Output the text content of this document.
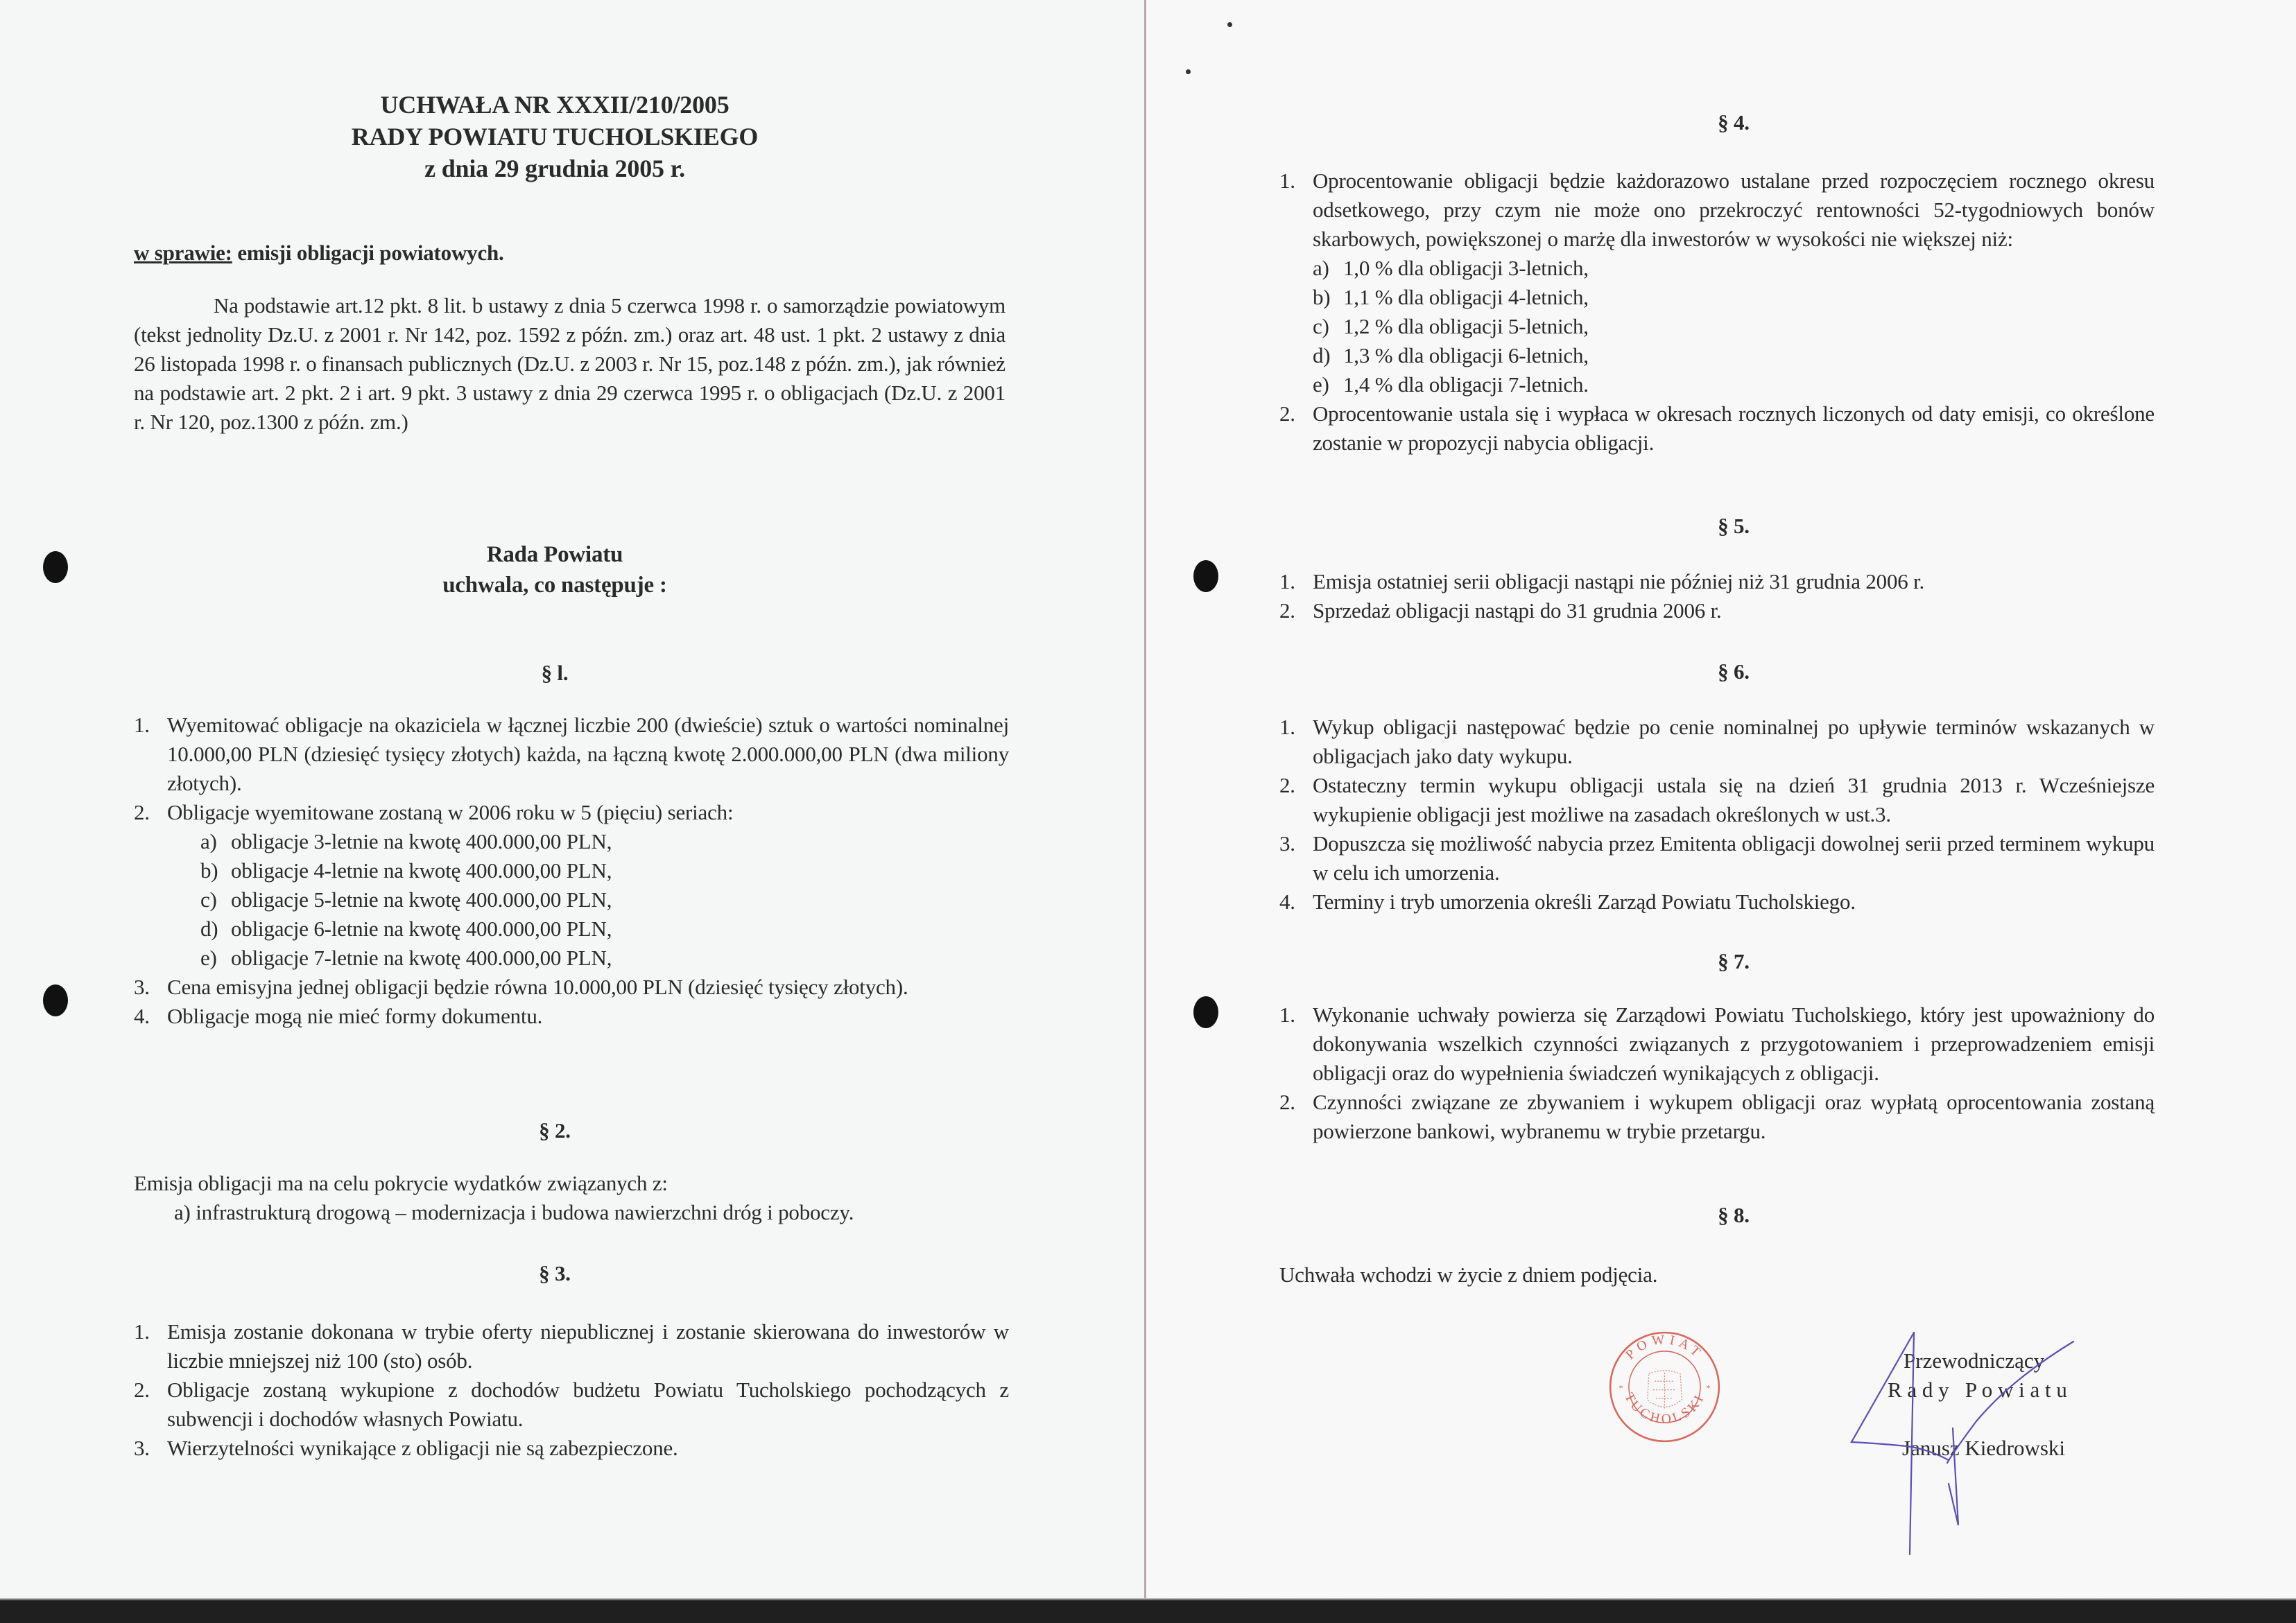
UCHWAŁA NR XXXII/210/2005
RADY POWIATU TUCHOLSKIEGO
z dnia 29 grudnia 2005 r.
w sprawie: emisji obligacji powiatowych.
Na podstawie art.12 pkt. 8 lit. b ustawy z dnia 5 czerwca 1998 r. o samorządzie powiatowym (tekst jednolity Dz.U. z 2001 r. Nr 142, poz. 1592 z późn. zm.) oraz art. 48 ust. 1 pkt. 2 ustawy z dnia 26 listopada 1998 r. o finansach publicznych (Dz.U. z 2003 r. Nr 15, poz.148 z późn. zm.), jak również na podstawie art. 2 pkt. 2 i art. 9 pkt. 3 ustawy z dnia 29 czerwca 1995 r. o obligacjach (Dz.U. z 2001 r. Nr 120, poz.1300 z późn. zm.)
Rada Powiatu
uchwala, co następuje :
§ l.
1. Wyemitować obligacje na okaziciela w łącznej liczbie 200 (dwieście) sztuk o wartości nominalnej 10.000,00 PLN (dziesięć tysięcy złotych) każda, na łączną kwotę 2.000.000,00 PLN (dwa miliony złotych).
2. Obligacje wyemitowane zostaną w 2006 roku w 5 (pięciu) seriach:
a) obligacje 3-letnie na kwotę 400.000,00 PLN,
b) obligacje 4-letnie na kwotę 400.000,00 PLN,
c) obligacje 5-letnie na kwotę 400.000,00 PLN,
d) obligacje 6-letnie na kwotę 400.000,00 PLN,
e) obligacje 7-letnie na kwotę 400.000,00 PLN,
3. Cena emisyjna jednej obligacji będzie równa 10.000,00 PLN (dziesięć tysięcy złotych).
4. Obligacje mogą nie mieć formy dokumentu.
§ 2.
Emisja obligacji ma na celu pokrycie wydatków związanych z:
a) infrastrukturą drogową – modernizacja i budowa nawierzchni dróg i poboczy.
§ 3.
1. Emisja zostanie dokonana w trybie oferty niepublicznej i zostanie skierowana do inwestorów w liczbie mniejszej niż 100 (sto) osób.
2. Obligacje zostaną wykupione z dochodów budżetu Powiatu Tucholskiego pochodzących z subwencji i dochodów własnych Powiatu.
3. Wierzytelności wynikające z obligacji nie są zabezpieczone.
§ 4.
1. Oprocentowanie obligacji będzie każdorazowo ustalane przed rozpoczęciem rocznego okresu odsetkowego, przy czym nie może ono przekroczyć rentowności 52-tygodniowych bonów skarbowych, powiększonej o marżę dla inwestorów w wysokości nie większej niż:
a) 1,0 % dla obligacji 3-letnich,
b) 1,1 % dla obligacji 4-letnich,
c) 1,2 % dla obligacji 5-letnich,
d) 1,3 % dla obligacji 6-letnich,
e) 1,4 % dla obligacji 7-letnich.
2. Oprocentowanie ustala się i wypłaca w okresach rocznych liczonych od daty emisji, co określone zostanie w propozycji nabycia obligacji.
§ 5.
1. Emisja ostatniej serii obligacji nastąpi nie później niż 31 grudnia 2006 r.
2. Sprzedaż obligacji nastąpi do 31 grudnia 2006 r.
§ 6.
1. Wykup obligacji następować będzie po cenie nominalnej po upływie terminów wskazanych w obligacjach jako daty wykupu.
2. Ostateczny termin wykupu obligacji ustala się na dzień 31 grudnia 2013 r. Wcześniejsze wykupienie obligacji jest możliwe na zasadach określonych w ust.3.
3. Dopuszcza się możliwość nabycia przez Emitenta obligacji dowolnej serii przed terminem wykupu w celu ich umorzenia.
4. Terminy i tryb umorzenia określi Zarząd Powiatu Tucholskiego.
§ 7.
1. Wykonanie uchwały powierza się Zarządowi Powiatu Tucholskiego, który jest upoważniony do dokonywania wszelkich czynności związanych z przygotowaniem i przeprowadzeniem emisji obligacji oraz do wypełnienia świadczeń wynikających z obligacji.
2. Czynności związane ze zbywaniem i wykupem obligacji oraz wypłatą oprocentowania zostaną powierzone bankowi, wybranemu w trybie przetargu.
§ 8.
Uchwała wchodzi w życie z dniem podjęcia.
POWIAT
TUCHOLSKI
*	*
Przewodniczący
R a d y   P o w i a t u
Janusz Kiedrowski
